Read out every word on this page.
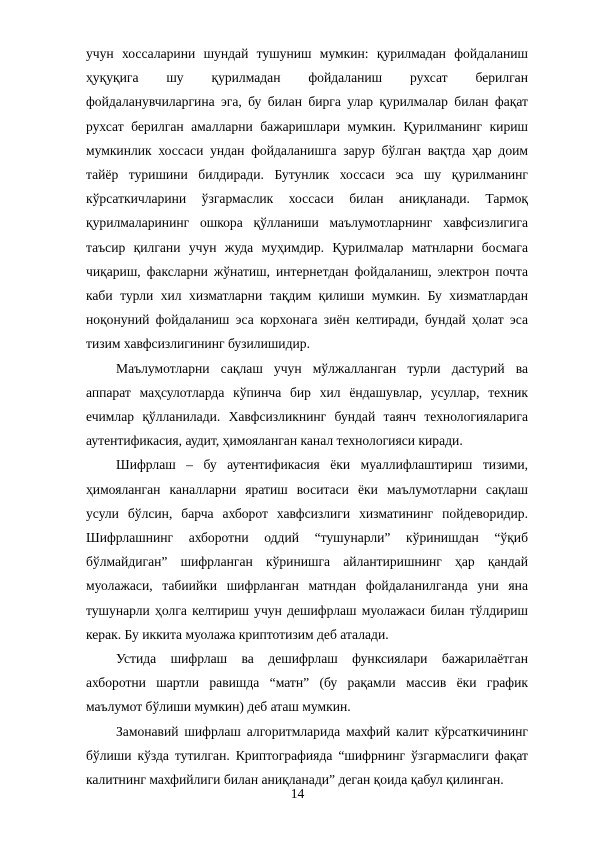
учун хоссаларини шундай тушуниш мумкин: қурилмадан фойдаланиш ҳуқуқига шу қурилмадан фойдаланиш рухсат берилган фойдаланувчиларгина эга, бу билан бирга улар қурилмалар билан фақат рухсат берилган амалларни бажаришлари мумкин. Қурилманинг кириш мумкинлик хоссаси ундан фойдаланишга зарур бўлган вақтда ҳар доим тайёр туришини билдиради. Бутунлик хоссаси эса шу қурилманинг кўрсаткичларини ўзгармаслик хоссаси билан аниқланади. Тармоқ қурилмаларининг ошкора қўлланиши маълумотларнинг хавфсизлигига таъсир қилгани учун жуда муҳимдир. Қурилмалар матнларни босмага чиқариш, факсларни жўнатиш, интернетдан фойдаланиш, электрон почта каби турли хил хизматларни тақдим қилиши мумкин. Бу хизматлардан ноқонуний фойдаланиш эса корхонага зиён келтиради, бундай ҳолат эса тизим хавфсизлигининг бузилишидир.

Маълумотларни сақлаш учун мўлжалланган турли дастурий ва аппарат маҳсулотларда кўпинча бир хил ёндашувлар, усуллар, техник ечимлар қўлланилади. Хавфсизликнинг бундай таянч технологияларига аутентификасия, аудит, ҳимояланган канал технологияси киради.

Шифрлаш – бу аутентификасия ёки муаллифлаштириш тизими, ҳимояланган каналларни яратиш воситаси ёки маълумотларни сақлаш усули бўлсин, барча ахборот хавфсизлиги хизматининг пойдеворидир. Шифрлашнинг ахборотни оддий “тушунарли” кўринишдан “ўқиб бўлмайдиган” шифрланган кўринишга айлантиришнинг ҳар қандай муолажаси, табиийки шифрланган матндан фойдаланилганда уни яна тушунарли ҳолга келтириш учун дешифрлаш муолажаси билан тўлдириш керак. Бу иккита муолажа криптотизим деб аталади.

Устида шифрлаш ва дешифрлаш функсиялари бажарилаётган ахборотни шартли равишда “матн” (бу рақамли массив ёки график маълумот бўлиши мумкин) деб аташ мумкин.

Замонавий шифрлаш алгоритмларида махфий калит кўрсаткичининг бўлиши кўзда тутилган. Криптографияда “шифрнинг ўзгармаслиги фақат калитнинг махфийлиги билан аниқланади” деган қоида қабул қилинган.

14
